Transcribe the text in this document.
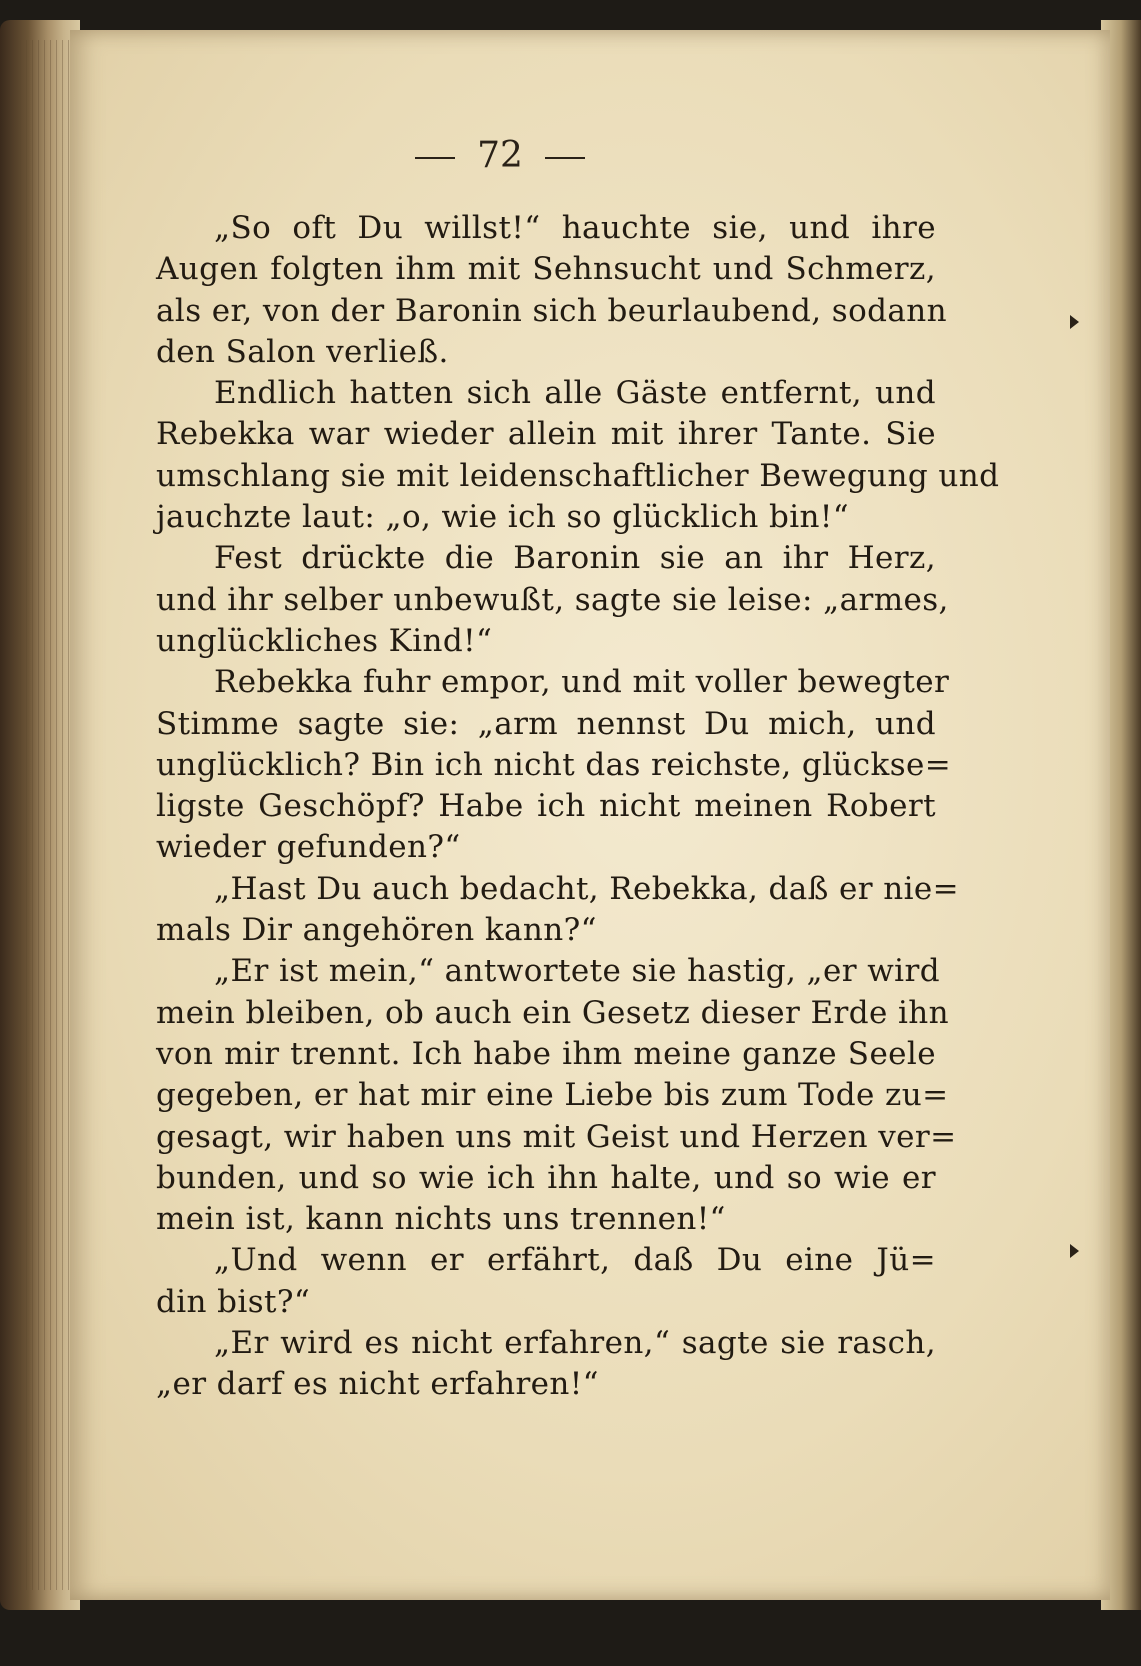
72
„So oft Du willst!“ hauchte sie, und ihre
Augen folgten ihm mit Sehnsucht und Schmerz,
als er, von der Baronin sich beurlaubend, sodann
den Salon verließ.
Endlich hatten sich alle Gäste entfernt, und
Rebekka war wieder allein mit ihrer Tante. Sie
umschlang sie mit leidenschaftlicher Bewegung und
jauchzte laut: „o, wie ich so glücklich bin!“
Fest drückte die Baronin sie an ihr Herz,
und ihr selber unbewußt, sagte sie leise: „armes,
unglückliches Kind!“
Rebekka fuhr empor, und mit voller bewegter
Stimme sagte sie: „arm nennst Du mich, und
unglücklich? Bin ich nicht das reichste, glückse=
ligste Geschöpf? Habe ich nicht meinen Robert
wieder gefunden?“
„Hast Du auch bedacht, Rebekka, daß er nie=
mals Dir angehören kann?“
„Er ist mein,“ antwortete sie hastig, „er wird
mein bleiben, ob auch ein Gesetz dieser Erde ihn
von mir trennt. Ich habe ihm meine ganze Seele
gegeben, er hat mir eine Liebe bis zum Tode zu=
gesagt, wir haben uns mit Geist und Herzen ver=
bunden, und so wie ich ihn halte, und so wie er
mein ist, kann nichts uns trennen!“
„Und wenn er erfährt, daß Du eine Jü=
din bist?“
„Er wird es nicht erfahren,“ sagte sie rasch,
„er darf es nicht erfahren!“
